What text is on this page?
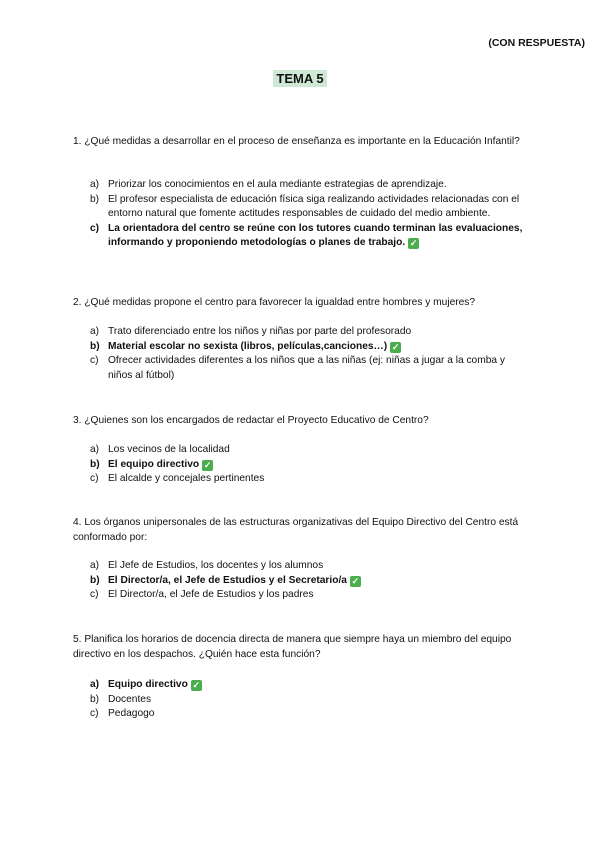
(CON RESPUESTA)
TEMA 5

1. ¿Qué medidas a desarrollar en el proceso de enseñanza es importante en la Educación Infantil?

a) Priorizar los conocimientos en el aula mediante estrategias de aprendizaje.
b) El profesor especialista de educación física siga realizando actividades relacionadas con el entorno natural que fomente actitudes responsables de cuidado del medio ambiente.
c) La orientadora del centro se reúne con los tutores cuando terminan las evaluaciones, informando y proponiendo metodologías o planes de trabajo. ✓

2. ¿Qué medidas propone el centro para favorecer la igualdad entre hombres y mujeres?

a) Trato diferenciado entre los niños y niñas por parte del profesorado
b) Material escolar no sexista (libros, películas,canciones…) ✓
c) Ofrecer actividades diferentes a los niños que a las niñas (ej: niñas a jugar a la comba y niños al fútbol)

3. ¿Quienes son los encargados de redactar el Proyecto Educativo de Centro?

a) Los vecinos de la localidad
b) El equipo directivo ✓
c) El alcalde y concejales pertinentes

4. Los órganos unipersonales de las estructuras organizativas del Equipo Directivo del Centro está conformado por:

a) El Jefe de Estudios, los docentes y los alumnos
b) El Director/a, el Jefe de Estudios y el Secretario/a ✓
c) El Director/a, el Jefe de Estudios y los padres

5. Planifica los horarios de docencia directa de manera que siempre haya un miembro del equipo directivo en los despachos. ¿Quién hace esta función?

a) Equipo directivo ✓
b) Docentes
c) Pedagogo
